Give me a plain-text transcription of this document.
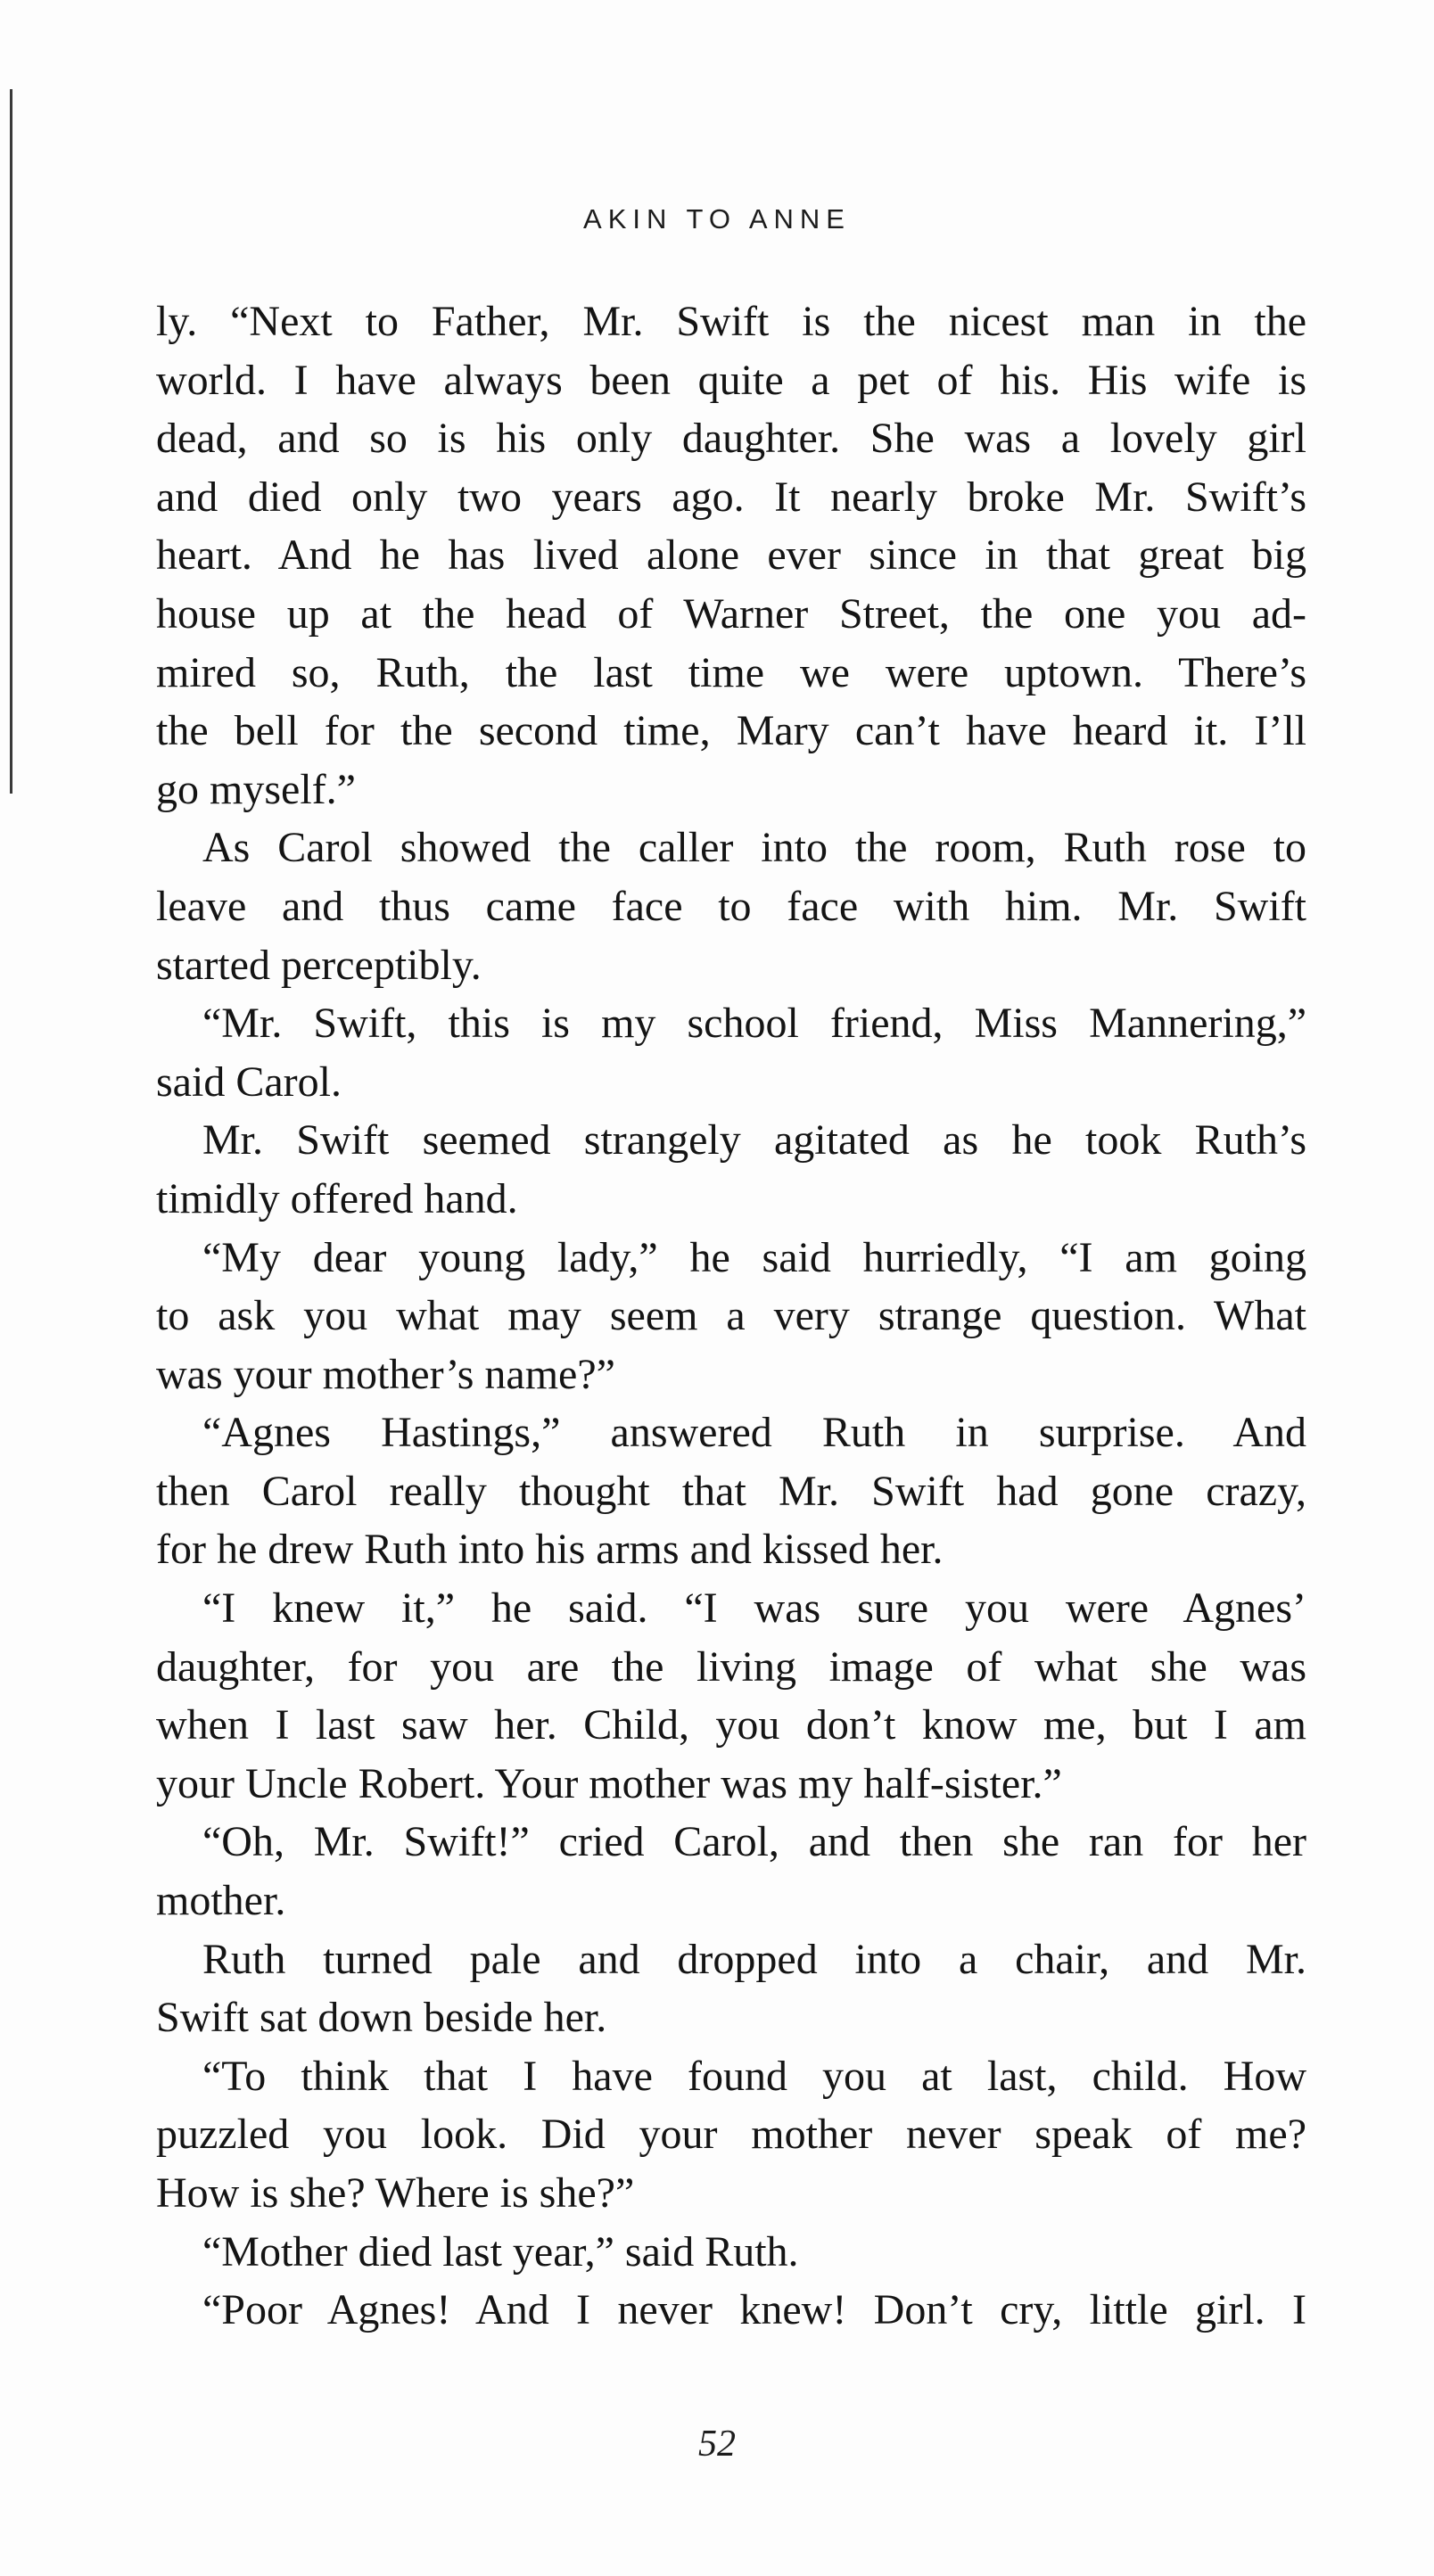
AKIN TO ANNE
ly. “Next to Father, Mr. Swift is the nicest man in the
world. I have always been quite a pet of his. His wife is
dead, and so is his only daughter. She was a lovely girl
and died only two years ago. It nearly broke Mr. Swift’s
heart. And he has lived alone ever since in that great big
house up at the head of Warner Street, the one you ad-
mired so, Ruth, the last time we were uptown. There’s
the bell for the second time, Mary can’t have heard it. I’ll
go myself.”
As Carol showed the caller into the room, Ruth rose to
leave and thus came face to face with him. Mr. Swift
started perceptibly.
“Mr. Swift, this is my school friend, Miss Mannering,”
said Carol.
Mr. Swift seemed strangely agitated as he took Ruth’s
timidly offered hand.
“My dear young lady,” he said hurriedly, “I am going
to ask you what may seem a very strange question. What
was your mother’s name?”
“Agnes Hastings,” answered Ruth in surprise. And
then Carol really thought that Mr. Swift had gone crazy,
for he drew Ruth into his arms and kissed her.
“I knew it,” he said. “I was sure you were Agnes’
daughter, for you are the living image of what she was
when I last saw her. Child, you don’t know me, but I am
your Uncle Robert. Your mother was my half-sister.”
“Oh, Mr. Swift!” cried Carol, and then she ran for her
mother.
Ruth turned pale and dropped into a chair, and Mr.
Swift sat down beside her.
“To think that I have found you at last, child. How
puzzled you look. Did your mother never speak of me?
How is she? Where is she?”
“Mother died last year,” said Ruth.
“Poor Agnes! And I never knew! Don’t cry, little girl. I
52
